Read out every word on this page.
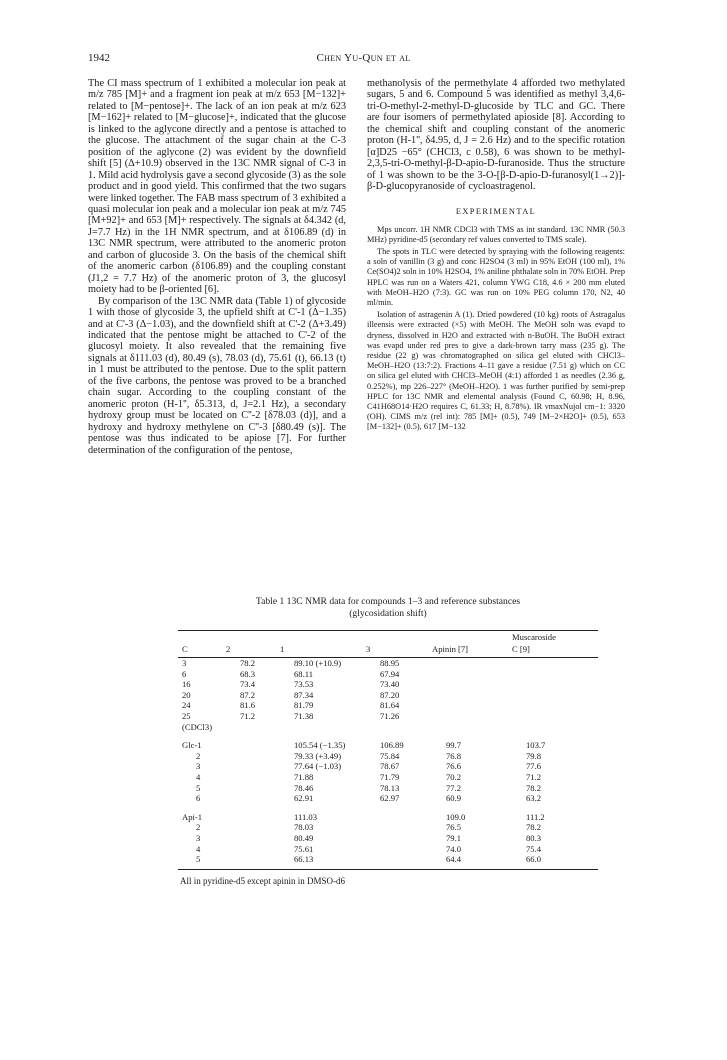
1942	Chen Yu-Qun et al

The CI mass spectrum of 1 exhibited a molecular ion peak at m/z 785 [M]+ and a fragment ion peak at m/z 653 [M−132]+ related to [M−pentose]+. The lack of an ion peak at m/z 623 [M−162]+ related to [M−glucose]+, indicated that the glucose is linked to the aglycone directly and a pentose is attached to the glucose. The attachment of the sugar chain at the C-3 position of the aglycone (2) was evident by the downfield shift [5] (Δ+10.9) observed in the 13C NMR signal of C-3 in 1. Mild acid hydrolysis gave a second glycoside (3) as the sole product and in good yield. This confirmed that the two sugars were linked together. The FAB mass spectrum of 3 exhibited a quasi molecular ion peak and a molecular ion peak at m/z 745 [M+92]+ and 653 [M]+ respectively. The signals at δ4.342 (d, J=7.7 Hz) in the 1H NMR spectrum, and at δ106.89 (d) in 13C NMR spectrum, were attributed to the anomeric proton and carbon of glucoside 3. On the basis of the chemical shift of the anomeric carbon (δ106.89) and the coupling constant (J1,2 = 7.7 Hz) of the anomeric proton of 3, the glucosyl moiety had to be β-oriented [6].

By comparison of the 13C NMR data (Table 1) of glycoside 1 with those of glycoside 3, the upfield shift at C'-1 (Δ−1.35) and at C'-3 (Δ−1.03), and the downfield shift at C'-2 (Δ+3.49) indicated that the pentose might be attached to C'-2 of the glucosyl moiety. It also revealed that the remaining five signals at δ111.03 (d), 80.49 (s), 78.03 (d), 75.61 (t), 66.13 (t) in 1 must be attributed to the pentose. Due to the split pattern of the five carbons, the pentose was proved to be a branched chain sugar. According to the coupling constant of the anomeric proton (H-1'', δ5.313, d, J=2.1 Hz), a secondary hydroxy group must be located on C''-2 [δ78.03 (d)], and a hydroxy and hydroxy methylene on C''-3 [δ80.49 (s)]. The pentose was thus indicated to be apiose [7]. For further determination of the configuration of the pentose,

methanolysis of the permethylate 4 afforded two methylated sugars, 5 and 6. Compound 5 was identified as methyl 3,4,6-tri-O-methyl-2-methyl-D-glucoside by TLC and GC. There are four isomers of permethylated apioside [8]. According to the chemical shift and coupling constant of the anomeric proton (H-1'', δ4.95, d, J = 2.6 Hz) and to the specific rotation [α]D25 −65° (CHCl3, c 0.58), 6 was shown to be methyl-2,3,5-tri-O-methyl-β-D-apio-D-furanoside. Thus the structure of 1 was shown to be the 3-O-[β-D-apio-D-furanosyl(1→2)]-β-D-glucopyranoside of cycloastragenol.

EXPERIMENTAL

Mps uncorr. 1H NMR CDCl3 with TMS as int standard. 13C NMR (50.3 MHz) pyridine-d5 (secondary ref values converted to TMS scale).

The spots in TLC were detected by spraying with the following reagents: a soln of vanillin (3 g) and conc H2SO4 (3 ml) in 95% EtOH (100 ml), 1% Ce(SO4)2 soln in 10% H2SO4, 1% aniline phthalate soln in 70% EtOH. Prep HPLC was run on a Waters 421, column YWG C18, 4.6 × 200 mm eluted with MeOH–H2O (7:3). GC was run on 10% PEG column 170, N2, 40 ml/min.

Isolation of astragenin A (1). Dried powdered (10 kg) roots of Astragalus illeensis were extracted (×5) with MeOH. The MeOH soln was evapd to dryness, dissolved in H2O and extracted with n-BuOH. The BuOH extract was evapd under red pres to give a dark-brown tarry mass (235 g). The residue (22 g) was chromatographed on silica gel eluted with CHCl3–MeOH–H2O (13:7:2). Fractions 4–11 gave a residue (7.51 g) which on CC on silica gel eluted with CHCl3–MeOH (4:1) afforded 1 as needles (2.36 g, 0.252%), mp 226–227° (MeOH–H2O). 1 was further purified by semi-prep HPLC for 13C NMR and elemental analysis (Found C, 60.98; H, 8.96, C41H68O14·H2O requires C, 61.33; H, 8.78%). IR νmaxNujol cm−1: 3320 (OH). CIMS m/z (rel int): 785 [M]+ (0.5), 749 [M−2×H2O]+ (0.5), 653 [M−132]+ (0.5), 617 [M−132

Table 1 13C NMR data for compounds 1–3 and reference substances
(glycosidation shift)
					Muscaroside
C	2	1	3	Apinin [7]	C [9]
3	78.2	89.10 (+10.9)	88.95		
6	68.3	68.11	67.94		
16	73.4	73.53	73.40		
20	87.2	87.34	87.20		
24	81.6	81.79	81.64		
25	71.2	71.38	71.26		
(CDCl3)					

Glc-1		105.54 (−1.35)	106.89	99.7	103.7
2		79.33 (+3.49)	75.84	76.8	79.8
3		77.64 (−1.03)	78.67	76.6	77.6
4		71.88	71.79	70.2	71.2
5		78.46	78.13	77.2	78.2
6		62.91	62.97	60.9	63.2

Api-1		111.03		109.0	111.2
2		78.03		76.5	78.2
3		80.49		79.1	80.3
4		75.61		74.0	75.4
5		66.13		64.4	66.0
All in pyridine-d5 except apinin in DMSO-d6
